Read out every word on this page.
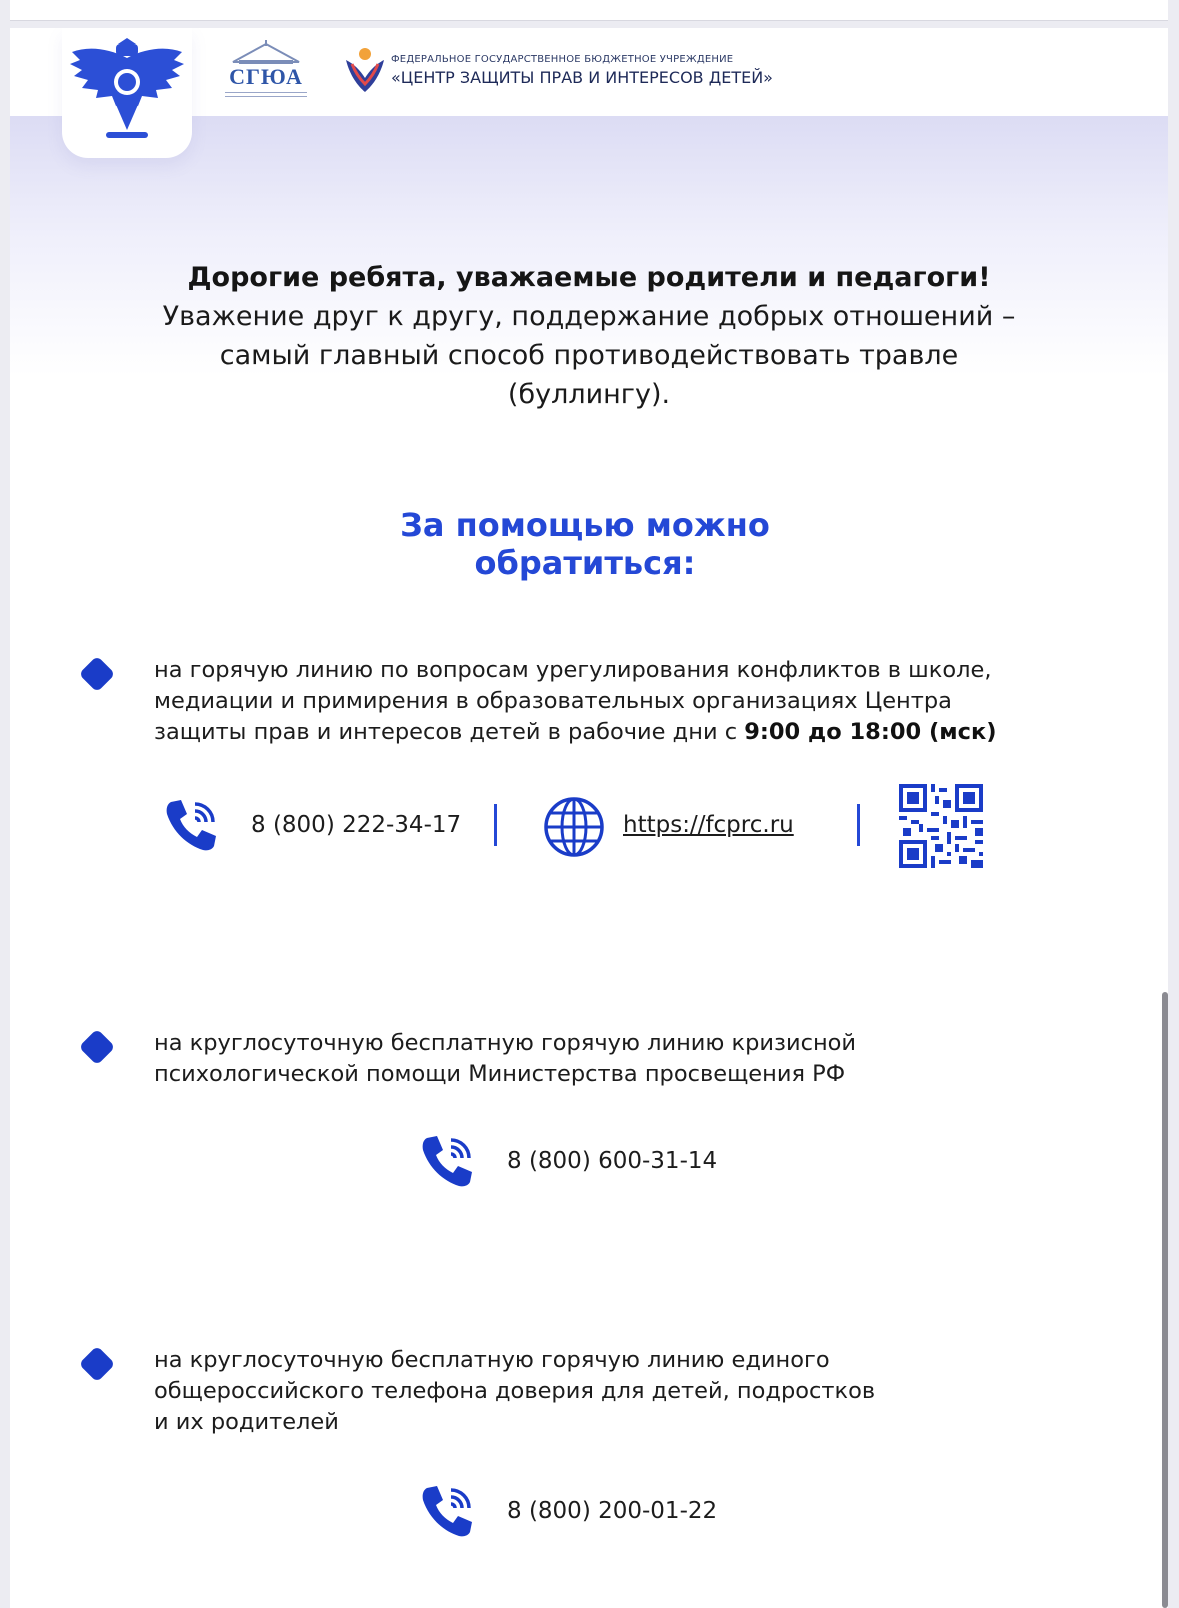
СГЮА
ФЕДЕРАЛЬНОЕ ГОСУДАРСТВЕННОЕ БЮДЖЕТНОЕ УЧРЕЖДЕНИЕ
«ЦЕНТР ЗАЩИТЫ ПРАВ И ИНТЕРЕСОВ ДЕТЕЙ»
Дорогие ребята, уважаемые родители и педагоги!
Уважение друг к другу, поддержание добрых отношений –
самый главный способ противодействовать травле
(буллингу).
За помощью можно
обратиться:
на горячую линию по вопросам урегулирования конфликтов в школе,
медиации и примирения в образовательных организациях Центра
защиты прав и интересов детей в рабочие дни с 9:00 до 18:00 (мск)
8 (800) 222-34-17	https://fcprc.ru
на круглосуточную бесплатную горячую линию кризисной
психологической помощи Министерства просвещения РФ
8 (800) 600-31-14
на круглосуточную бесплатную горячую линию единого
общероссийского телефона доверия для детей, подростков
и их родителей
8 (800) 200-01-22
